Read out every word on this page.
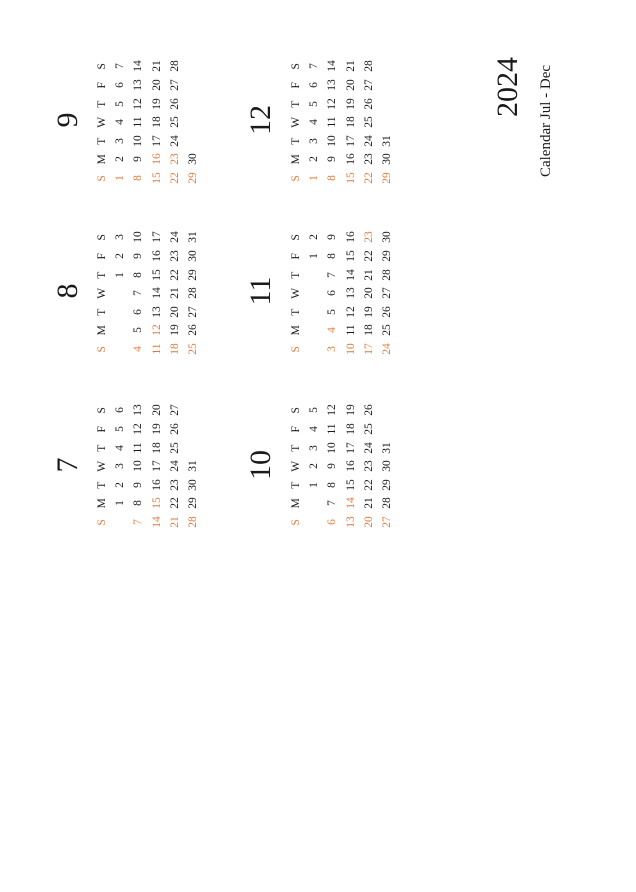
2024 Calendar Jul - Dec
7
S
M
T
W
T
F
S
1
2
3
4
5
6
7
8
9
10
11
12
13
14
15
16
17
18
19
20
21
22
23
24
25
26
27
28
29
30
31
8
S
M
T
W
T
F
S
1
2
3
4
5
6
7
8
9
10
11
12
13
14
15
16
17
18
19
20
21
22
23
24
25
26
27
28
29
30
31
9
S
M
T
W
T
F
S
1
2
3
4
5
6
7
8
9
10
11
12
13
14
15
16
17
18
19
20
21
22
23
24
25
26
27
28
29
30
10
S
M
T
W
T
F
S
1
2
3
4
5
6
7
8
9
10
11
12
13
14
15
16
17
18
19
20
21
22
23
24
25
26
27
28
29
30
31
11
S
M
T
W
T
F
S
1
2
3
4
5
6
7
8
9
10
11
12
13
14
15
16
17
18
19
20
21
22
23
24
25
26
27
28
29
30
12
S
M
T
W
T
F
S
1
2
3
4
5
6
7
8
9
10
11
12
13
14
15
16
17
18
19
20
21
22
23
24
25
26
27
28
29
30
31
